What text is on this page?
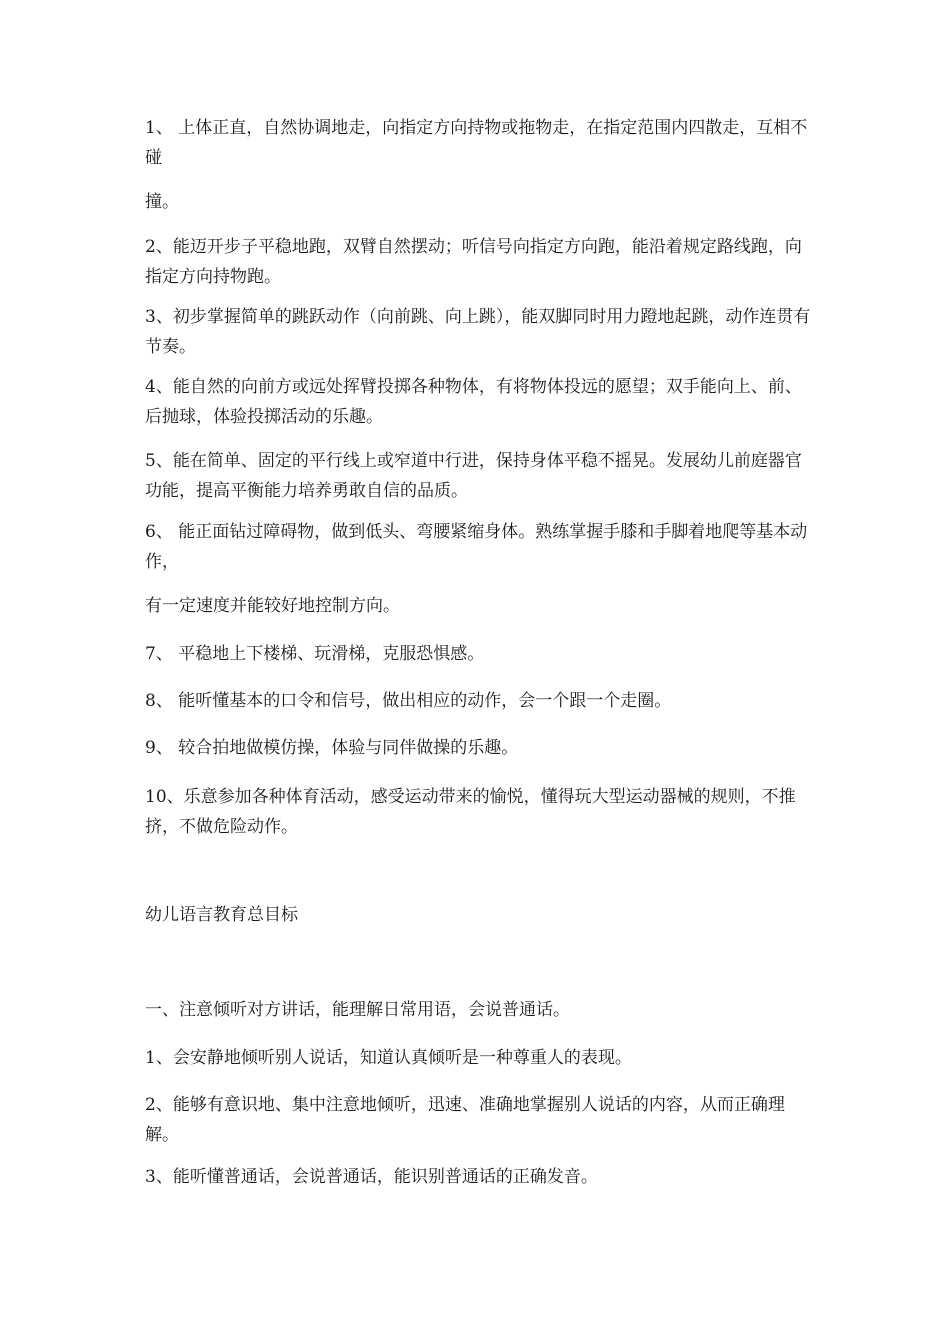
1、 上体正直，自然协调地走，向指定方向持物或拖物走，在指定范围内四散走，互相不碰

撞。

2、能迈开步子平稳地跑，双臂自然摆动；听信号向指定方向跑，能沿着规定路线跑，向指定方向持物跑。

3、初步掌握简单的跳跃动作（向前跳、向上跳），能双脚同时用力蹬地起跳，动作连贯有节奏。

4、能自然的向前方或远处挥臂投掷各种物体，有将物体投远的愿望；双手能向上、前、后抛球，体验投掷活动的乐趣。

5、能在简单、固定的平行线上或窄道中行进，保持身体平稳不摇晃。发展幼儿前庭器官功能，提高平衡能力培养勇敢自信的品质。

6、 能正面钻过障碍物，做到低头、弯腰紧缩身体。熟练掌握手膝和手脚着地爬等基本动作，

有一定速度并能较好地控制方向。

7、 平稳地上下楼梯、玩滑梯，克服恐惧感。

8、 能听懂基本的口令和信号，做出相应的动作，会一个跟一个走圈。

9、 较合拍地做模仿操，体验与同伴做操的乐趣。

10、乐意参加各种体育活动，感受运动带来的愉悦，懂得玩大型运动器械的规则，不推挤，不做危险动作。

幼儿语言教育总目标

一、注意倾听对方讲话，能理解日常用语，会说普通话。

1、会安静地倾听别人说话，知道认真倾听是一种尊重人的表现。

2、能够有意识地、集中注意地倾听，迅速、准确地掌握别人说话的内容，从而正确理解。

3、能听懂普通话，会说普通话，能识别普通话的正确发音。
